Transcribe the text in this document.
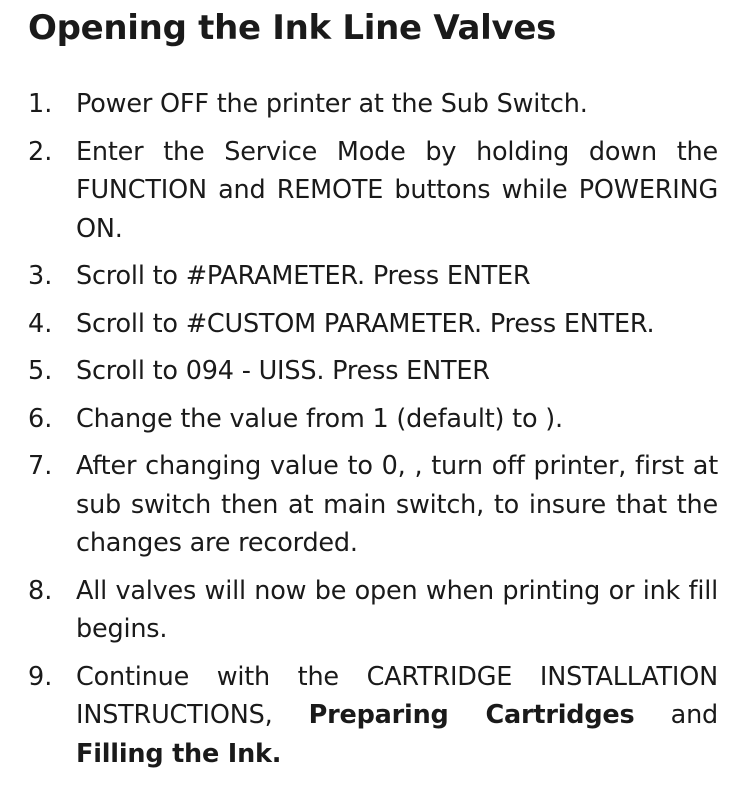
Opening the Ink Line Valves
1. Power OFF the printer at the Sub Switch.
2. Enter the Service Mode by holding down the FUNCTION and REMOTE buttons while POWERING ON.
3. Scroll to #PARAMETER. Press ENTER
4. Scroll to #CUSTOM PARAMETER. Press ENTER.
5. Scroll to 094 - UISS. Press ENTER
6. Change the value from 1 (default) to ).
7. After changing value to 0, , turn off printer, first at sub switch then at main switch, to insure that the changes are recorded.
8. All valves will now be open when printing or ink fill begins.
9. Continue with the CARTRIDGE INSTALLATION INSTRUCTIONS, Preparing Cartridges and Filling the Ink.
